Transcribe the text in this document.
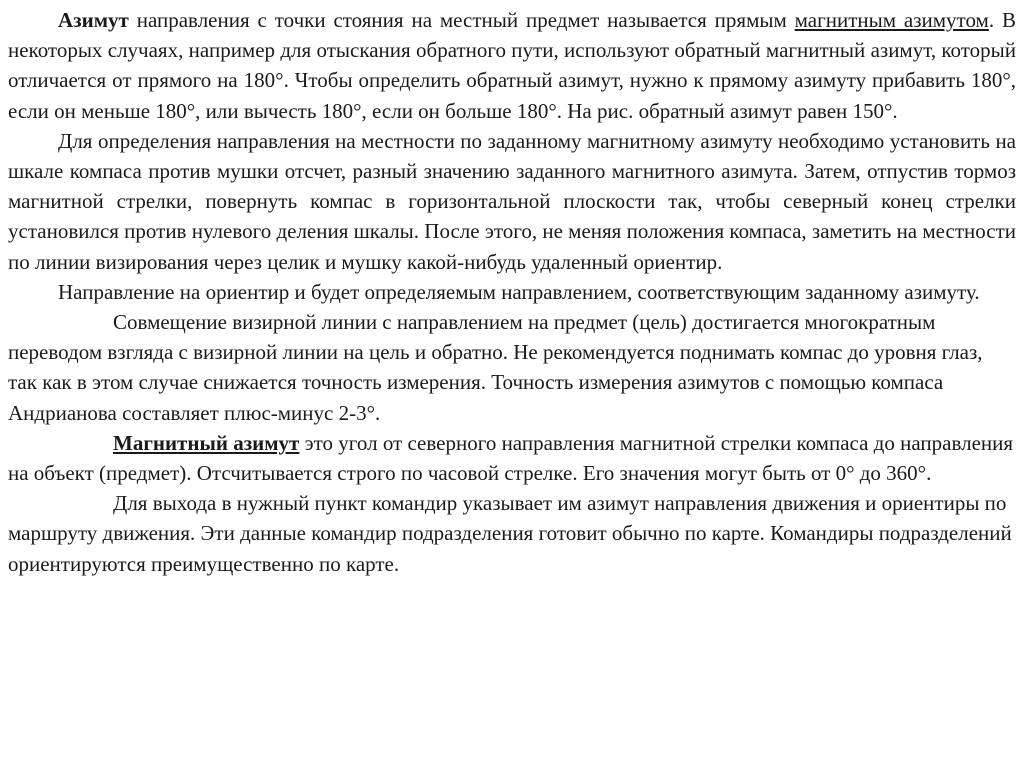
Азимут направления с точки стояния на местный предмет называется прямым магнитным азимутом. В некоторых случаях, например для отыскания обратного пути, используют обратный магнитный азимут, который отличается от прямого на 180°. Чтобы определить обратный азимут, нужно к прямому азимуту прибавить 180°, если он меньше 180°, или вычесть 180°, если он больше 180°. На рис. обратный азимут равен 150°.

Для определения направления на местности по заданному магнитному азимуту необходимо установить на шкале компаса против мушки отсчет, разный значению заданного магнитного азимута. Затем, отпустив тормоз магнитной стрелки, повернуть компас в горизонтальной плоскости так, чтобы северный конец стрелки установился против нулевого деления шкалы. После этого, не меняя положения компаса, заметить на местности по линии визирования через целик и мушку какой-нибудь удаленный ориентир.

Направление на ориентир и будет определяемым направлением, соответствующим заданному азимуту.

Совмещение визирной линии с направлением на предмет (цель) достигается многократным переводом взгляда с визирной линии на цель и обратно. Не рекомендуется поднимать компас до уровня глаз, так как в этом случае снижается точность измерения. Точность измерения азимутов с помощью компаса Андрианова составляет плюс-минус 2-3°.

Магнитный азимут это угол от северного направления магнитной стрелки компаса до направления на объект (предмет). Отсчитывается строго по часовой стрелке. Его значения могут быть от 0° до 360°.

Для выхода в нужный пункт командир указывает им азимут направления движения и ориентиры по маршруту движения. Эти данные командир подразделения готовит обычно по карте. Командиры подразделений ориентируются преимущественно по карте.
